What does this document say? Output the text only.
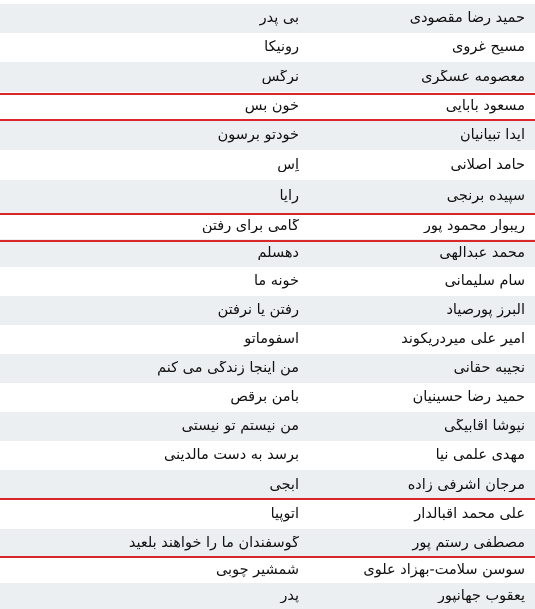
حمید رضا مقصودی
بی پدر
مسیح غروی
رونیکا
معصومه عسگری
نرگس
مسعود بابایی
خون بس
آیدا تبیانیان
خودتو برسون
حامد اصلانی
اِس
سپیده برنجی
رایا
ریبوار محمود پور
گامی برای رفتن
محمد عبدالهی
دهسلم
سام سلیمانی
خونه ما
البرز پورصیاد
رفتن یا نرفتن
امیر علی میردریکوند
اسفوماتو
نجیبه حقانی
من اینجا زندگی می کنم
حمید رضا حسینیان
بامن برقص
نیوشا آقابیگی
من نیستم تو نیستی
مهدی علمی نیا
برسد به دست مالدینی
مرجان اشرفی زاده
آبجی
علی محمد اقبالدار
اتوپیا
مصطفی رستم پور
گوسفندان ما را خواهند بلعید
سوسن سلامت-بهزاد علوی
شمشیر چوبی
یعقوب جهانپور
پدر
